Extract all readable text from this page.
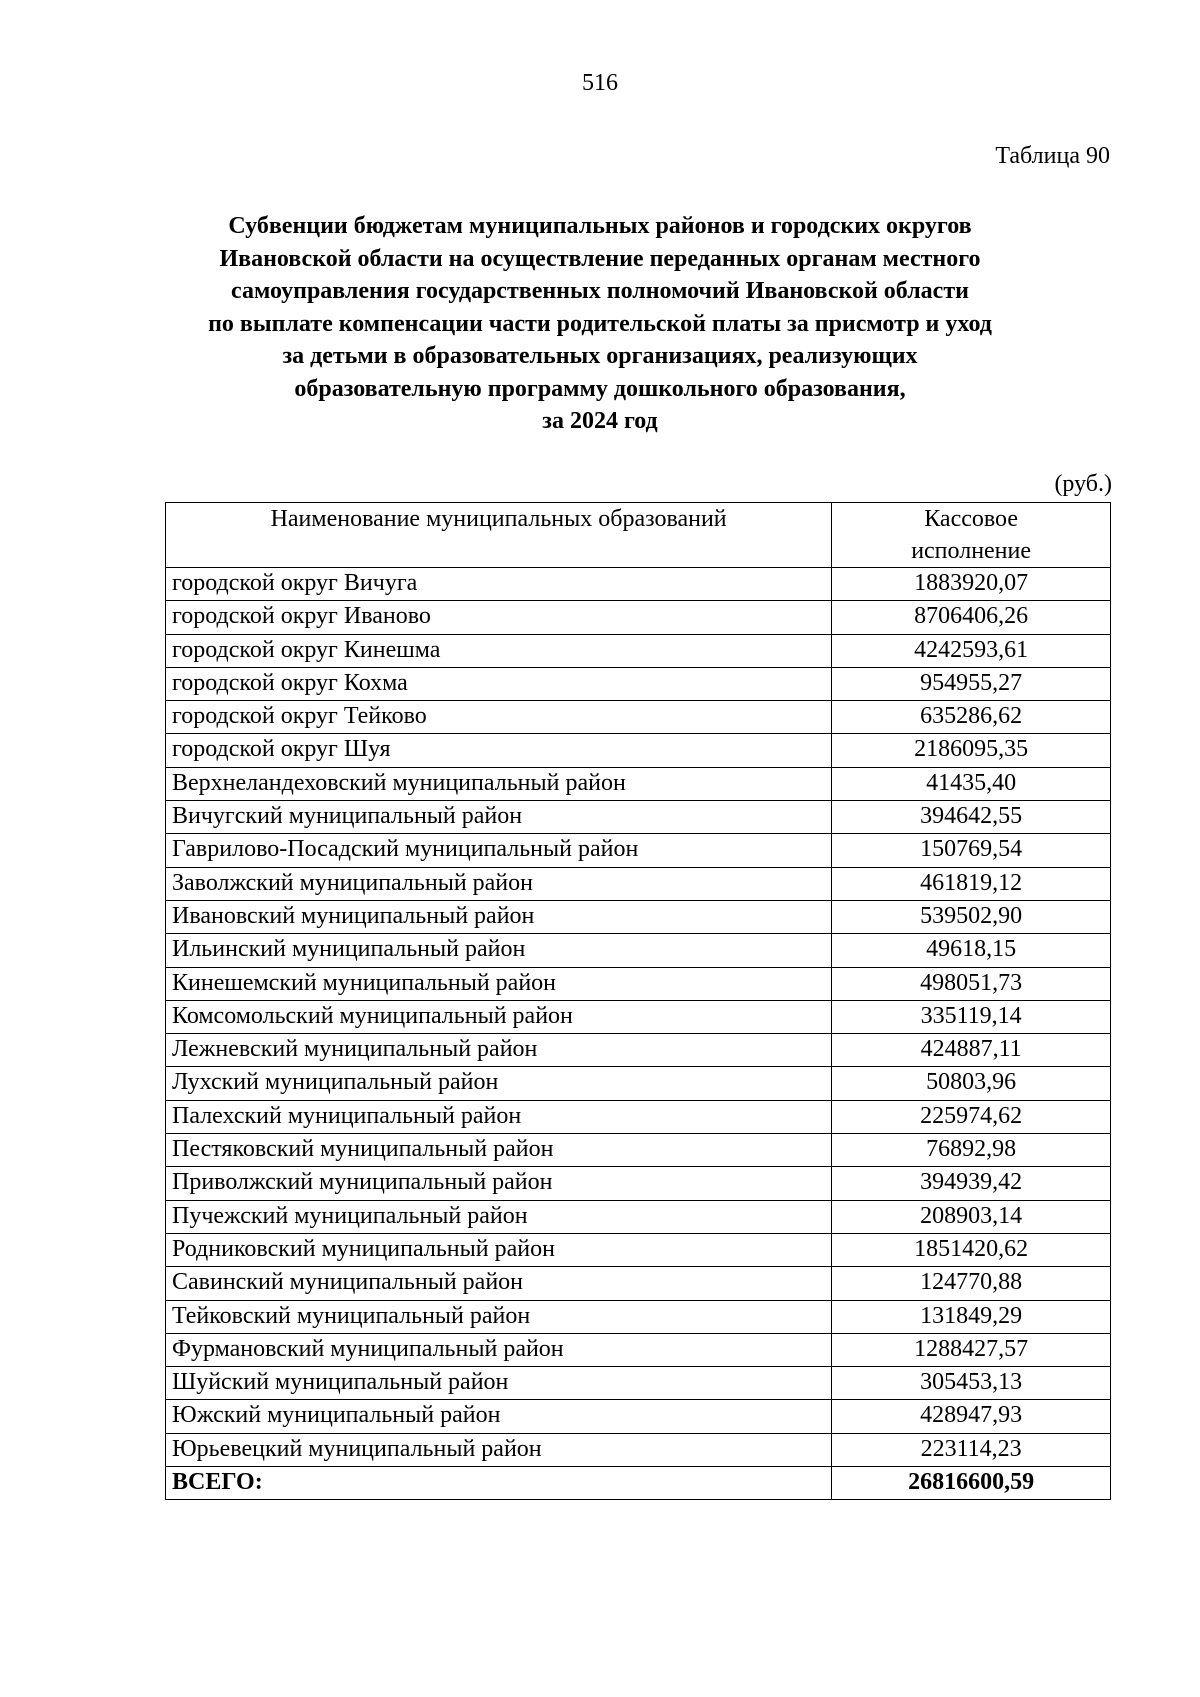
516
Таблица 90
Субвенции бюджетам муниципальных районов и городских округов
Ивановской области на осуществление переданных органам местного
самоуправления государственных полномочий Ивановской области
по выплате компенсации части родительской платы за присмотр и уход
за детьми в образовательных организациях, реализующих
образовательную программу дошкольного образования,
за 2024 год
(руб.)
Наименование муниципальных образований	Кассовое
исполнение

городской округ Вичуга	1883920,07
городской округ Иваново	8706406,26
городской округ Кинешма	4242593,61
городской округ Кохма	954955,27
городской округ Тейково	635286,62
городской округ Шуя	2186095,35
Верхнеландеховский муниципальный район	41435,40
Вичугский муниципальный район	394642,55
Гаврилово-Посадский муниципальный район	150769,54
Заволжский муниципальный район	461819,12
Ивановский муниципальный район	539502,90
Ильинский муниципальный район	49618,15
Кинешемский муниципальный район	498051,73
Комсомольский муниципальный район	335119,14
Лежневский муниципальный район	424887,11
Лухский муниципальный район	50803,96
Палехский муниципальный район	225974,62
Пестяковский муниципальный район	76892,98
Приволжский муниципальный район	394939,42
Пучежский муниципальный район	208903,14
Родниковский муниципальный район	1851420,62
Савинский муниципальный район	124770,88
Тейковский муниципальный район	131849,29
Фурмановский муниципальный район	1288427,57
Шуйский муниципальный район	305453,13
Южский муниципальный район	428947,93
Юрьевецкий муниципальный район	223114,23
ВСЕГО:	26816600,59
